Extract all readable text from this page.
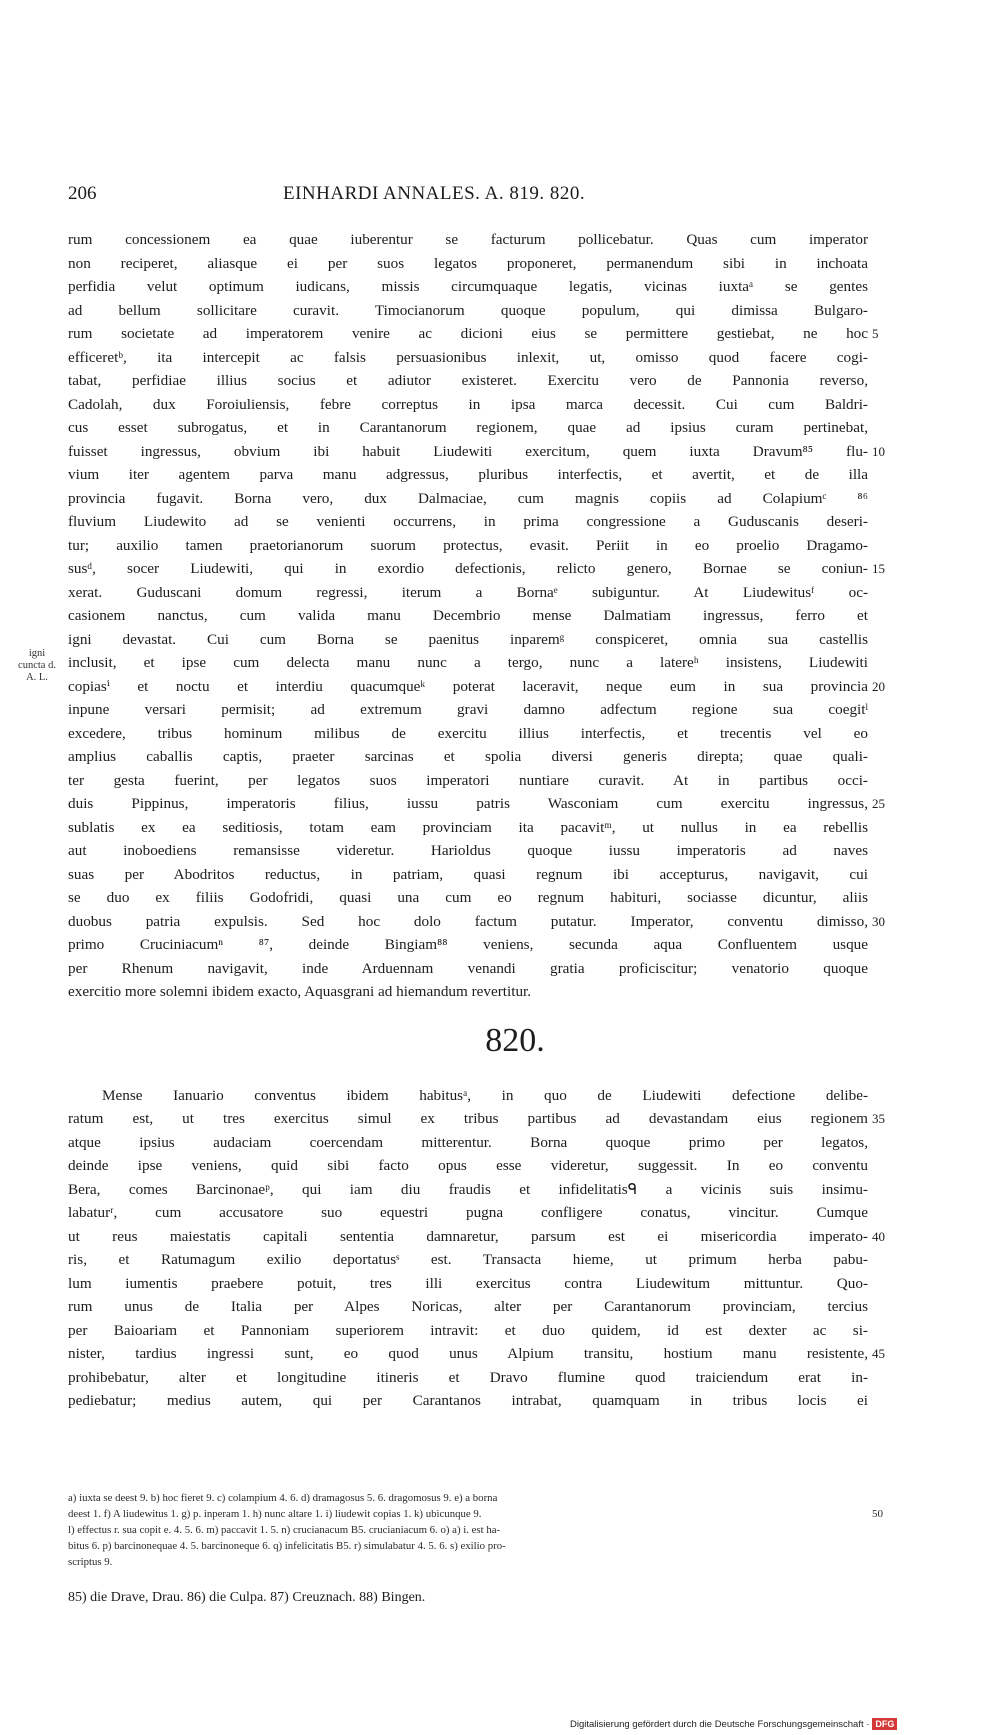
206	EINHARDI ANNALES. A. 819. 820.
igni cuncta d. A. L.
rum concessionem ea quae iuberentur se facturum pollicebatur. Quas cum imperator
non reciperet, aliasque ei per suos legatos proponeret, permanendum sibi in inchoata
perfidia velut optimum iudicans, missis circumquaque legatis, vicinas iuxtaᵃ se gentes
ad bellum sollicitare curavit. Timocianorum quoque populum, qui dimissa Bulgaro-
rum societate ad imperatorem venire ac dicioni eius se permittere gestiebat, ne hoc 5
efficeretᵇ, ita intercepit ac falsis persuasionibus inlexit, ut, omisso quod facere cogi-
tabat, perfidiae illius socius et adiutor existeret. Exercitu vero de Pannonia reverso,
Cadolah, dux Foroiuliensis, febre correptus in ipsa marca decessit. Cui cum Baldri-
cus esset subrogatus, et in Carantanorum regionem, quae ad ipsius curam pertinebat,
fuisset ingressus, obvium ibi habuit Liudewiti exercitum, quem iuxta Dravum⁸⁵ flu- 10
vium iter agentem parva manu adgressus, pluribus interfectis, et avertit, et de illa
provincia fugavit. Borna vero, dux Dalmaciae, cum magnis copiis ad Colapiumᶜ ⁸⁶
fluvium Liudewito ad se venienti occurrens, in prima congressione a Guduscanis deseri-
tur; auxilio tamen praetorianorum suorum protectus, evasit. Periit in eo proelio Dragamo-
susᵈ, socer Liudewiti, qui in exordio defectionis, relicto genero, Bornae se coniun- 15
xerat. Guduscani domum regressi, iterum a Bornaᵉ subiguntur. At Liudewitusᶠ oc-
casionem nanctus, cum valida manu Decembrio mense Dalmatiam ingressus, ferro et
igni devastat. Cui cum Borna se paenitus inparemᵍ conspiceret, omnia sua castellis
inclusit, et ipse cum delecta manu nunc a tergo, nunc a latereʰ insistens, Liudewiti
copiasⁱ et noctu et interdiu quacumqueᵏ poterat laceravit, neque eum in sua provincia 20
inpune versari permisit; ad extremum gravi damno adfectum regione sua coegitˡ
excedere, tribus hominum milibus de exercitu illius interfectis, et trecentis vel eo
amplius caballis captis, praeter sarcinas et spolia diversi generis direpta; quae quali-
ter gesta fuerint, per legatos suos imperatori nuntiare curavit. At in partibus occi-
duis Pippinus, imperatoris filius, iussu patris Wasconiam cum exercitu ingressus, 25
sublatis ex ea seditiosis, totam eam provinciam ita pacavitᵐ, ut nullus in ea rebellis
aut inoboediens remansisse videretur. Harioldus quoque iussu imperatoris ad naves
suas per Abodritos reductus, in patriam, quasi regnum ibi accepturus, navigavit, cui
se duo ex filiis Godofridi, quasi una cum eo regnum habituri, sociasse dicuntur, aliis
duobus patria expulsis. Sed hoc dolo factum putatur. Imperator, conventu dimisso, 30
primo Cruciniacumⁿ ⁸⁷, deinde Bingiam⁸⁸ veniens, secunda aqua Confluentem usque
per Rhenum navigavit, inde Arduennam venandi gratia proficiscitur; venatorio quoque
exercitio more solemni ibidem exacto, Aquasgrani ad hiemandum revertitur.
820.
Mense Ianuario conventus ibidem habitusᵃ, in quo de Liudewiti defectione delibe-
ratum est, ut tres exercitus simul ex tribus partibus ad devastandam eius regionem 35
atque ipsius audaciam coercendam mitterentur. Borna quoque primo per legatos,
deinde ipse veniens, quid sibi facto opus esse videretur, suggessit. In eo conventu
Bera, comes Barcinonaeᵖ, qui iam diu fraudis et infidelitatisᑫ a vicinis suis insimu-
labaturʳ, cum accusatore suo equestri pugna confligere conatus, vincitur. Cumque
ut reus maiestatis capitali sententia damnaretur, parsum est ei misericordia imperato- 40
ris, et Ratumagum exilio deportatusˢ est. Transacta hieme, ut primum herba pabu-
lum iumentis praebere potuit, tres illi exercitus contra Liudewitum mittuntur. Quo-
rum unus de Italia per Alpes Noricas, alter per Carantanorum provinciam, tercius
per Baioariam et Pannoniam superiorem intravit: et duo quidem, id est dexter ac si-
nister, tardius ingressi sunt, eo quod unus Alpium transitu, hostium manu resistente, 45
prohibebatur, alter et longitudine itineris et Dravo flumine quod traiciendum erat in-
pediebatur; medius autem, qui per Carantanos intrabat, quamquam in tribus locis ei
a) iuxta se deest 9. b) hoc fieret 9. c) colampium 4. 6. d) dramagosus 5. 6. dragomosus 9. e) a borna
deest 1. f) A liudewitus 1. g) p. inperam 1. h) nunc altare 1. i) liudewit copias 1. k) ubicunque 9.	50
l) effectus r. sua copit e. 4. 5. 6. m) paccavit 1. 5. n) crucianacum B5. crucianiacum 6. o) a) i. est ha-
bitus 6. p) barcinonequae 4. 5. barcinoneque 6. q) infelicitatis B5. r) simulabatur 4. 5. 6. s) exilio pro-
scriptus 9.
85) die Drave, Drau. 86) die Culpa. 87) Creuznach. 88) Bingen.
Digitalisierung gefördert durch die Deutsche Forschungsgemeinschaft · DFG
